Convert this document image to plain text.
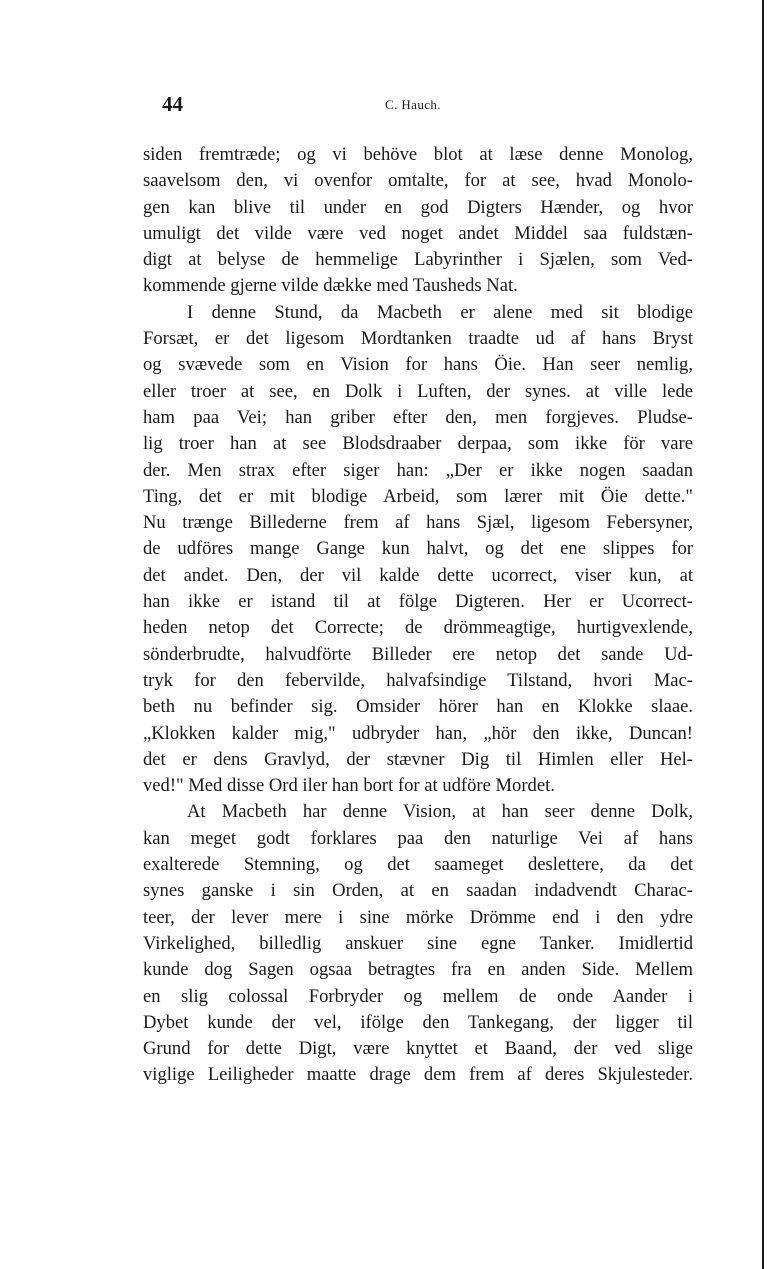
44	C. Hauch.

siden fremtræde; og vi behöve blot at læse denne Monolog,
saavelsom den, vi ovenfor omtalte, for at see, hvad Monolo-
gen kan blive til under en god Digters Hænder, og hvor
umuligt det vilde være ved noget andet Middel saa fuldstæn-
digt at belyse de hemmelige Labyrinther i Sjælen, som Ved-
kommende gjerne vilde dække med Tausheds Nat.

I denne Stund, da Macbeth er alene med sit blodige
Forsæt, er det ligesom Mordtanken traadte ud af hans Bryst
og svævede som en Vision for hans Öie. Han seer nemlig,
eller troer at see, en Dolk i Luften, der synes. at ville lede
ham paa Vei; han griber efter den, men forgjeves. Pludse-
lig troer han at see Blodsdraaber derpaa, som ikke för vare
der. Men strax efter siger han: „Der er ikke nogen saadan
Ting, det er mit blodige Arbeid, som lærer mit Öie dette."
Nu trænge Billederne frem af hans Sjæl, ligesom Febersyner,
de udföres mange Gange kun halvt, og det ene slippes for
det andet. Den, der vil kalde dette ucorrect, viser kun, at
han ikke er istand til at fölge Digteren. Her er Ucorrect-
heden netop det Correcte; de drömmeagtige, hurtigvexlende,
sönderbrudte, halvudförte Billeder ere netop det sande Ud-
tryk for den febervilde, halvafsindige Tilstand, hvori Mac-
beth nu befinder sig. Omsider hörer han en Klokke slaae.
„Klokken kalder mig," udbryder han, „hör den ikke, Duncan!
det er dens Gravlyd, der stævner Dig til Himlen eller Hel-
ved!" Med disse Ord iler han bort for at udföre Mordet.

At Macbeth har denne Vision, at han seer denne Dolk,
kan meget godt forklares paa den naturlige Vei af hans
exalterede Stemning, og det saameget deslettere, da det
synes ganske i sin Orden, at en saadan indadvendt Charac-
teer, der lever mere i sine mörke Drömme end i den ydre
Virkelighed, billedlig anskuer sine egne Tanker. Imidlertid
kunde dog Sagen ogsaa betragtes fra en anden Side. Mellem
en slig colossal Forbryder og mellem de onde Aander i
Dybet kunde der vel, ifölge den Tankegang, der ligger til
Grund for dette Digt, være knyttet et Baand, der ved slige
viglige Leiligheder maatte drage dem frem af deres Skjulesteder.
